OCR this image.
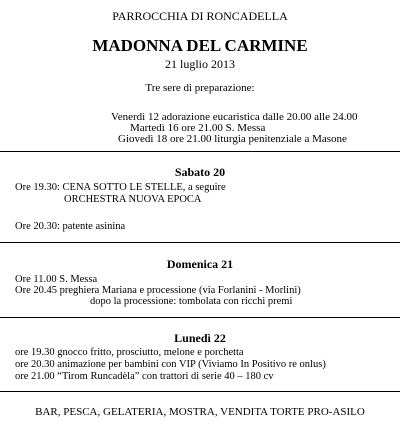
PARROCCHIA DI RONCADELLA
MADONNA DEL CARMINE
21 luglio 2013
Tre sere di preparazione:
Venerdì 12 adorazione eucaristica dalle 20.00 alle 24.00
Martedì 16 ore 21.00 S. Messa
Giovedì 18 ore 21.00 liturgia penitenziale a Masone
Sabato 20
Ore 19.30: CENA SOTTO LE STELLE, a seguire
ORCHESTRA NUOVA EPOCA
Ore 20.30: patente asinina
Domenica 21
Ore 11.00 S. Messa
Ore 20.45 preghiera Mariana e processione (via Forlanini - Morlini)
dopo la processione: tombolata con ricchi premi
Lunedì 22
ore 19.30 gnocco fritto, prosciutto, melone e porchetta
ore 20.30 animazione per bambini con VIP (Viviamo In Positivo re onlus)
ore 21.00 “Tirom Runcadèla” con trattori di serie 40 – 180 cv
BAR, PESCA, GELATERIA, MOSTRA, VENDITA TORTE PRO-ASILO
